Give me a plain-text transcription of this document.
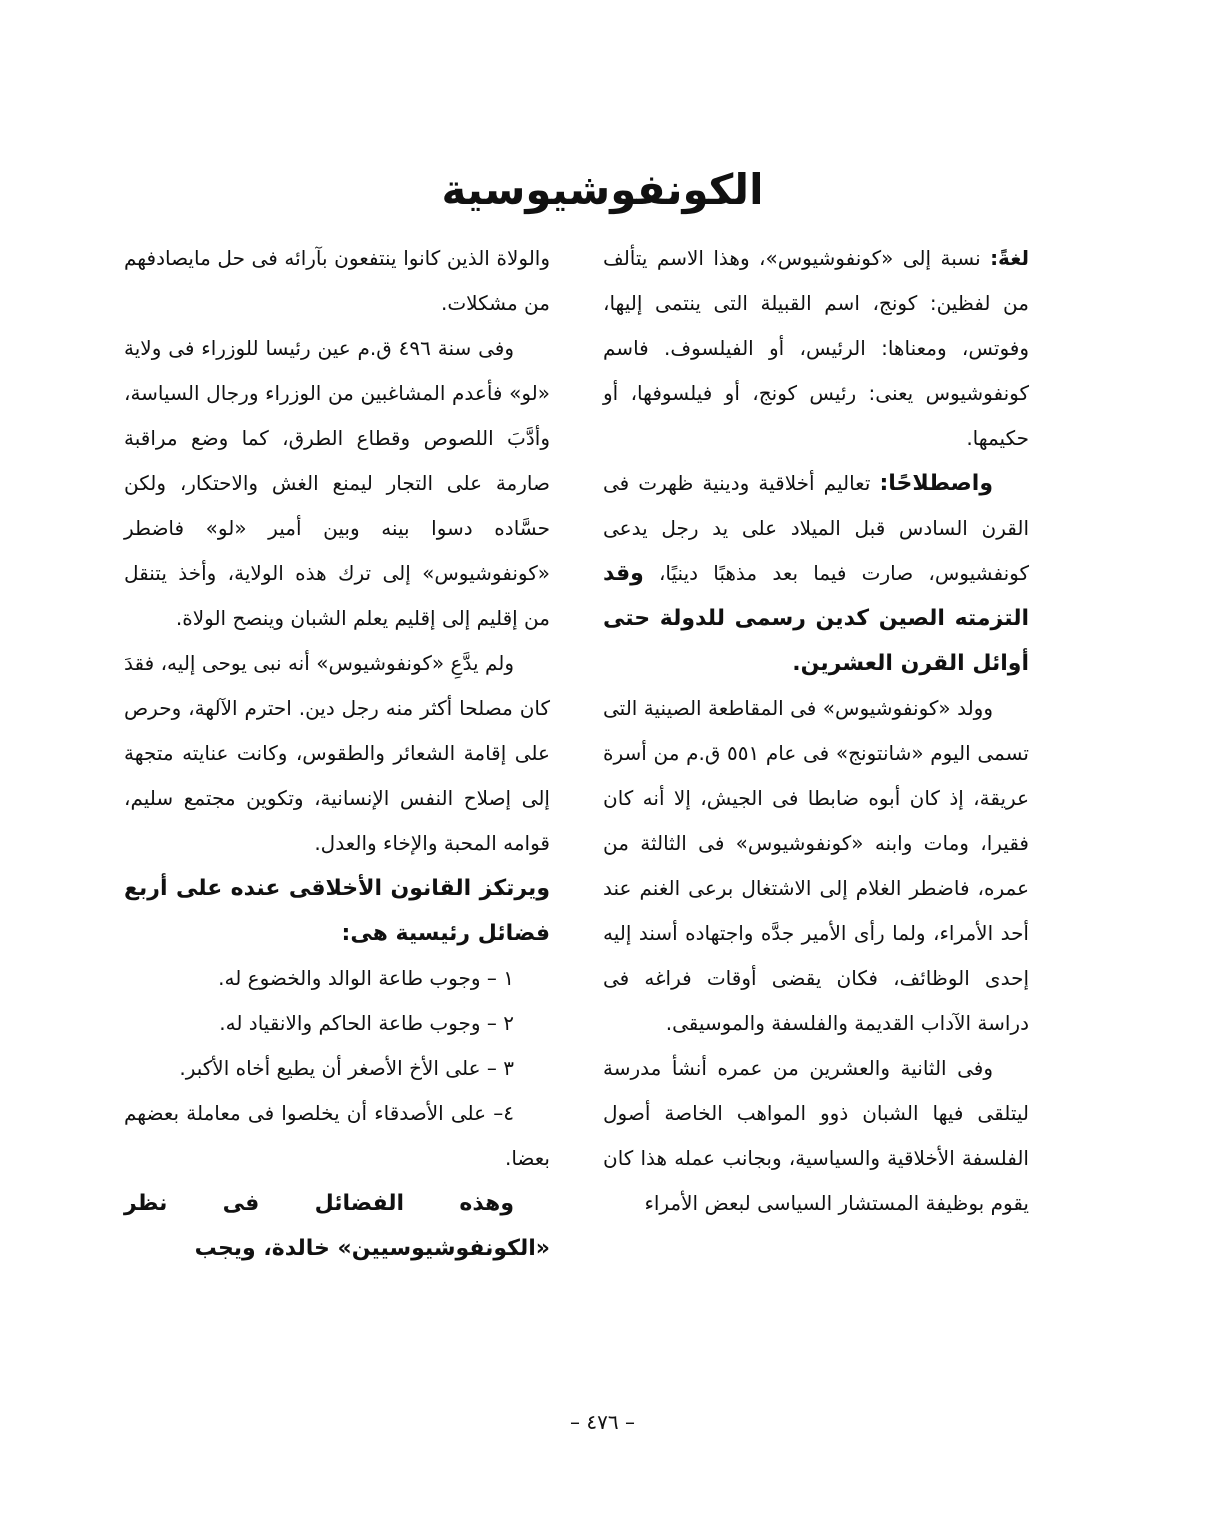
الكونفوشيوسية

لغةً: نسبة إلى «كونفوشيوس»، وهذا الاسم يتألف من لفظين: كونج، اسم القبيلة التى ينتمى إليها، وفوتس، ومعناها: الرئيس، أو الفيلسوف. فاسم كونفوشيوس يعنى: رئيس كونج، أو فيلسوفها، أو حكيمها.

واصطلاحًا: تعاليم أخلاقية ودينية ظهرت فى القرن السادس قبل الميلاد على يد رجل يدعى كونفشيوس، صارت فيما بعد مذهبًا دينيًا، وقد التزمته الصين كدين رسمى للدولة حتى أوائل القرن العشرين.

وولد «كونفوشيوس» فى المقاطعة الصينية التى تسمى اليوم «شانتونج» فى عام ٥٥١ ق.م من أسرة عريقة، إذ كان أبوه ضابطا فى الجيش، إلا أنه كان فقيرا، ومات وابنه «كونفوشيوس» فى الثالثة من عمره، فاضطر الغلام إلى الاشتغال برعى الغنم عند أحد الأمراء، ولما رأى الأمير جدَّه واجتهاده أسند إليه إحدى الوظائف، فكان يقضى أوقات فراغه فى دراسة الآداب القديمة والفلسفة والموسيقى.

وفى الثانية والعشرين من عمره أنشأ مدرسة ليتلقى فيها الشبان ذوو المواهب الخاصة أصول الفلسفة الأخلاقية والسياسية، وبجانب عمله هذا كان يقوم بوظيفة المستشار السياسى لبعض الأمراء

والولاة الذين كانوا ينتفعون بآرائه فى حل مايصادفهم من مشكلات.

وفى سنة ٤٩٦ ق.م عين رئيسا للوزراء فى ولاية «لو» فأعدم المشاغبين من الوزراء ورجال السياسة، وأدَّبَ اللصوص وقطاع الطرق، كما وضع مراقبة صارمة على التجار ليمنع الغش والاحتكار، ولكن حسَّاده دسوا بينه وبين أمير «لو» فاضطر «كونفوشيوس» إلى ترك هذه الولاية، وأخذ يتنقل من إقليم إلى إقليم يعلم الشبان وينصح الولاة.

ولم يدَّعِ «كونفوشيوس» أنه نبى يوحى إليه، فقدَ كان مصلحا أكثر منه رجل دين. احترم الآلهة، وحرص على إقامة الشعائر والطقوس، وكانت عنايته متجهة إلى إصلاح النفس الإنسانية، وتكوين مجتمع سليم، قوامه المحبة والإخاء والعدل.

ويرتكز القانون الأخلاقى عنده على أربع فضائل رئيسية هى:

١ – وجوب طاعة الوالد والخضوع له.

٢ – وجوب طاعة الحاكم والانقياد له.

٣ – على الأخ الأصغر أن يطيع أخاه الأكبر.

٤– على الأصدقاء أن يخلصوا فى معاملة بعضهم بعضا.

وهذه الفضائل فى نظر «الكونفوشيوسيين» خالدة، ويجب

– ٤٧٦ –
